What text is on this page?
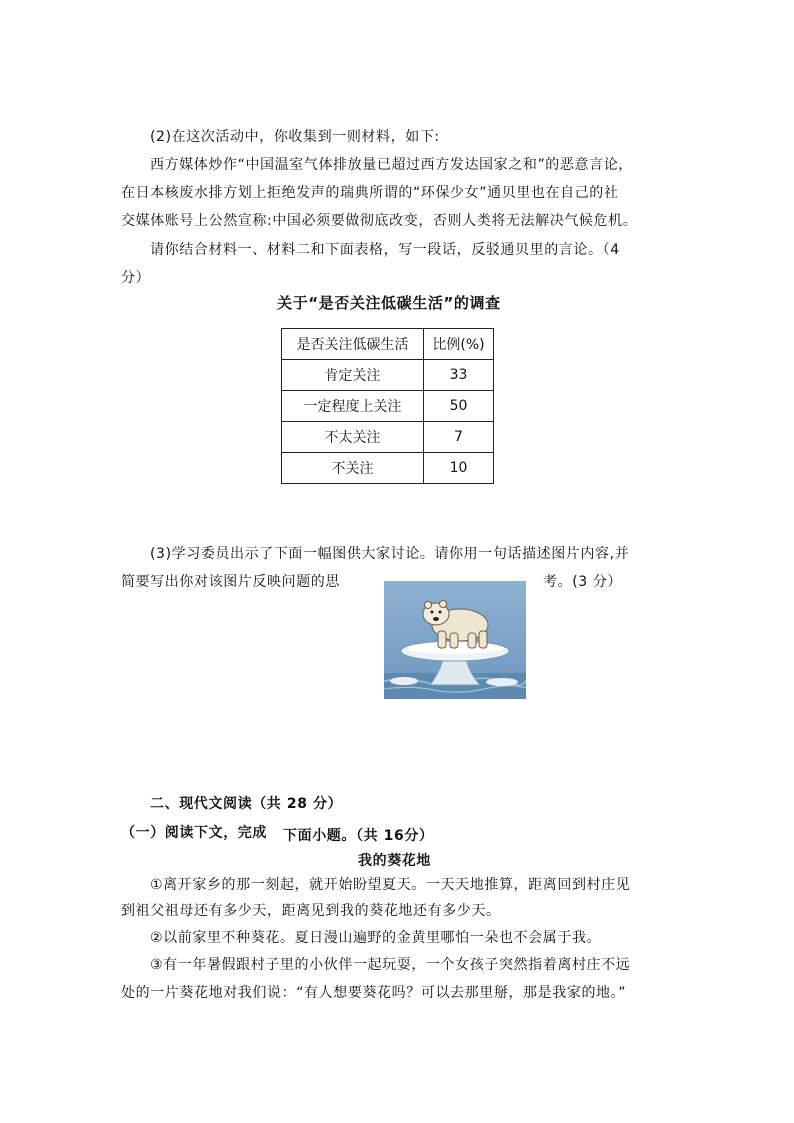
(2)在这次活动中，你收集到一则材料，如下:
西方媒体炒作“中国温室气体排放量已超过西方发达国家之和”的恶意言论，
在日本核废水排方划上拒绝发声的瑞典所谓的“环保少女”通贝里也在自己的社
交媒体账号上公然宣称:中国必须要做彻底改变，否则人类将无法解决气候危机。
请你结合材料一、材料二和下面表格，写一段话，反驳通贝里的言论。（4
分）
关于“是否关注低碳生活”的调查
是否关注低碳生活	比例(%)
肯定关注	33
一定程度上关注	50
不太关注	7
不关注	10
(3)学习委员出示了下面一幅图供大家讨论。请你用一句话描述图片内容,并
简要写出你对该图片反映问题的思	考。(3 分）
二、现代文阅读（共 28 分）
（一）阅读下文，完成 下面小题。（共 16分）
我的葵花地
①离开家乡的那一刻起，就开始盼望夏天。一天天地推算，距离回到村庄见
到祖父祖母还有多少天，距离见到我的葵花地还有多少天。
②以前家里不种葵花。夏日漫山遍野的金黄里哪怕一朵也不会属于我。
③有一年暑假跟村子里的小伙伴一起玩耍，一个女孩子突然指着离村庄不远
处的一片葵花地对我们说：“有人想要葵花吗？可以去那里掰，那是我家的地。”
